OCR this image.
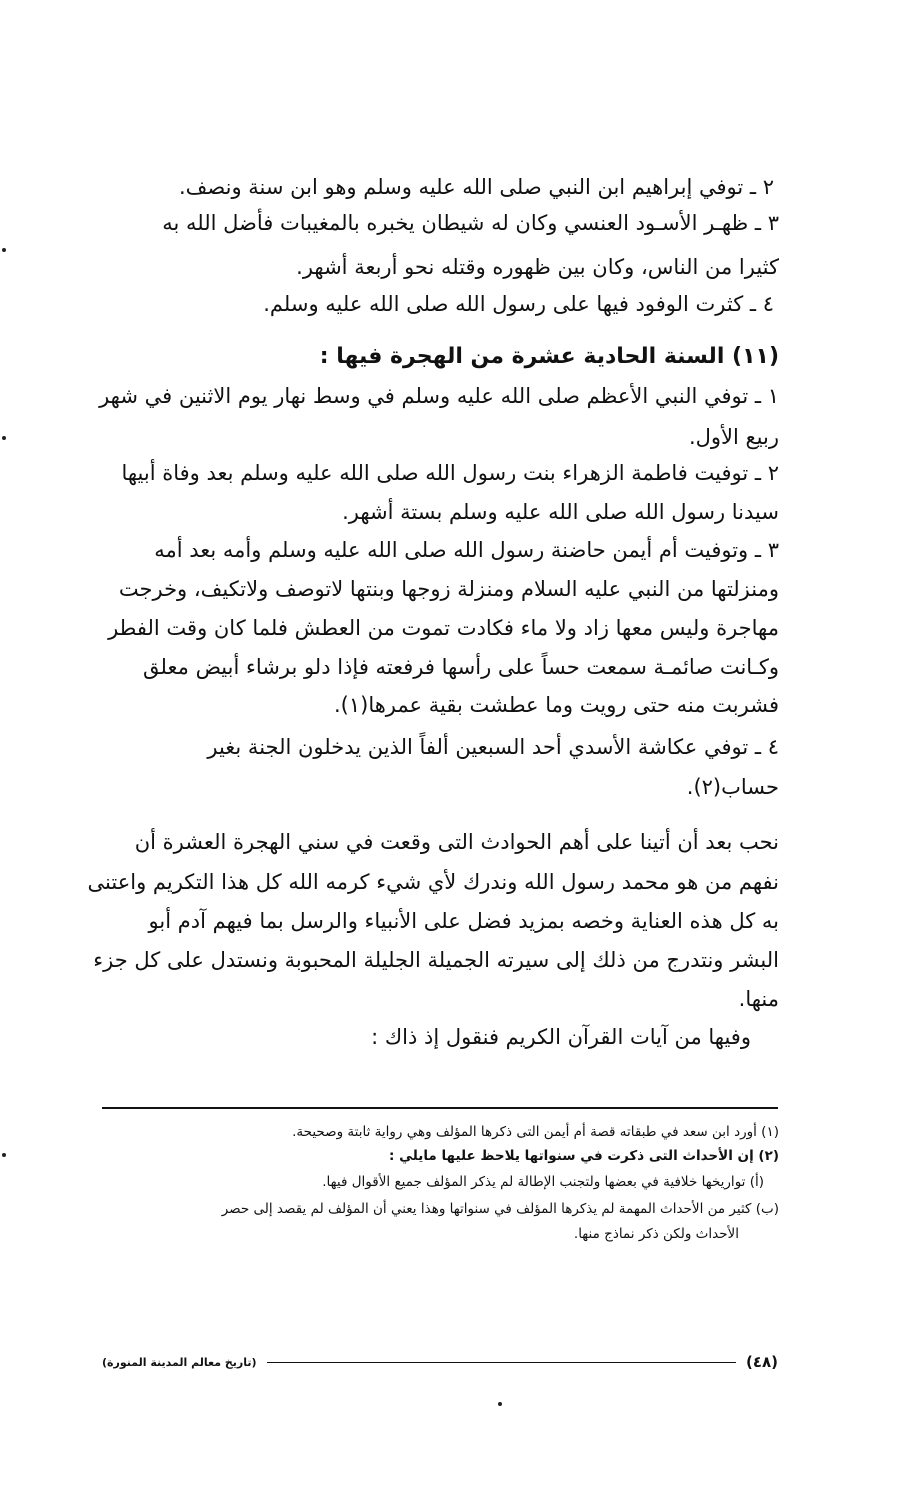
٢ ـ توفي إبراهيم ابن النبي صلى الله عليه وسلم وهو ابن سنة ونصف.
٣ ـ ظهـر الأسـود العنسي وكان له شيطان يخبره بالمغيبات فأضل الله به
كثيرا من الناس، وكان بين ظهوره وقتله نحو أربعة أشهر.
٤ ـ كثرت الوفود فيها على رسول الله صلى الله عليه وسلم.
(١١) السنة الحادية عشرة من الهجرة فيها :
١ ـ توفي النبي الأعظم صلى الله عليه وسلم في وسط نهار يوم الاثنين في شهر
ربيع الأول.
٢ ـ توفيت فاطمة الزهراء بنت رسول الله صلى الله عليه وسلم بعد وفاة أبيها
سيدنا رسول الله صلى الله عليه وسلم بستة أشهر.
٣ ـ وتوفيت أم أيمن حاضنة رسول الله صلى الله عليه وسلم وأمه بعد أمه
ومنزلتها من النبي عليه السلام ومنزلة زوجها وبنتها لاتوصف ولاتكيف، وخرجت
مهاجرة وليس معها زاد ولا ماء فكادت تموت من العطش فلما كان وقت الفطر
وكـانت صائمـة سمعت حساً على رأسها فرفعته فإذا دلو برشاء أبيض معلق
فشربت منه حتى رويت وما عطشت بقية عمرها(١).
٤ ـ توفي عكاشة الأسدي أحد السبعين ألفاً الذين يدخلون الجنة بغير
حساب(٢).
نحب بعد أن أتينا على أهم الحوادث التى وقعت في سني الهجرة العشرة أن
نفهم من هو محمد رسول الله وندرك لأي شيء كرمه الله كل هذا التكريم واعتنى
به كل هذه العناية وخصه بمزيد فضل على الأنبياء والرسل بما فيهم آدم أبو
البشر ونتدرج من ذلك إلى سيرته الجميلة الجليلة المحبوبة ونستدل على كل جزء
منها.
وفيها من آيات القرآن الكريم فنقول إذ ذاك :
(١) أورد ابن سعد في طبقاته قصة أم أيمن التى ذكرها المؤلف وهي رواية ثابتة وصحيحة.
(٢) إن الأحداث التى ذكرت في سنواتها يلاحظ عليها مايلي :
(أ) تواريخها خلافية في بعضها ولتجنب الإطالة لم يذكر المؤلف جميع الأقوال فيها.
(ب) كثير من الأحداث المهمة لم يذكرها المؤلف في سنواتها وهذا يعني أن المؤلف لم يقصد إلى حصر
الأحداث ولكن ذكر نماذج منها.
(٤٨)
(تاريخ معالم المدينة المنورة)
